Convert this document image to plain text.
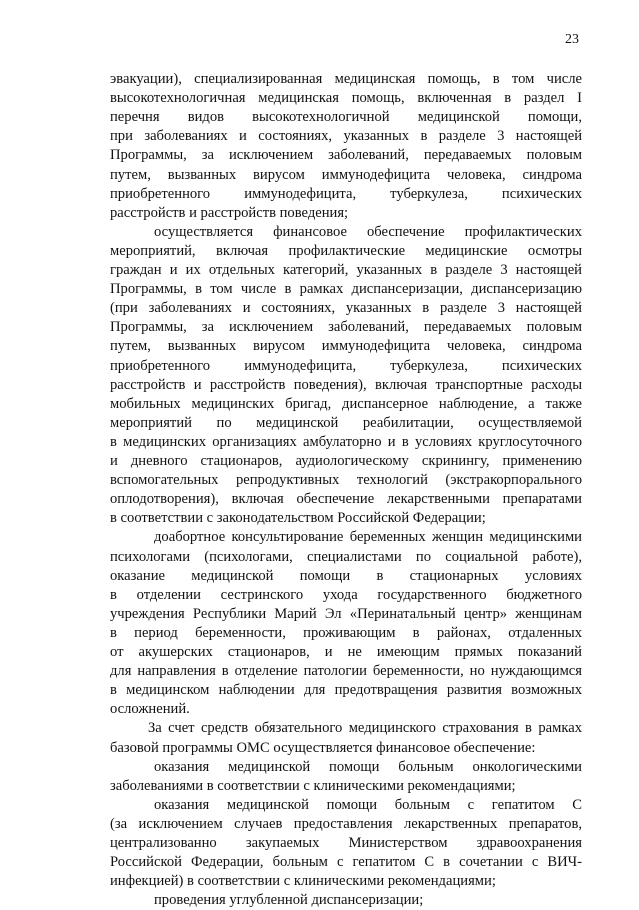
23
эвакуации), специализированная медицинская помощь, в том числе
высокотехнологичная медицинская помощь, включенная в раздел I
перечня видов высокотехнологичной медицинской помощи,
при заболеваниях и состояниях, указанных в разделе 3 настоящей
Программы, за исключением заболеваний, передаваемых половым
путем, вызванных вирусом иммунодефицита человека, синдрома
приобретенного иммунодефицита, туберкулеза, психических
расстройств и расстройств поведения;
осуществляется финансовое обеспечение профилактических
мероприятий, включая профилактические медицинские осмотры
граждан и их отдельных категорий, указанных в разделе 3 настоящей
Программы, в том числе в рамках диспансеризации, диспансеризацию
(при заболеваниях и состояниях, указанных в разделе 3 настоящей
Программы, за исключением заболеваний, передаваемых половым
путем, вызванных вирусом иммунодефицита человека, синдрома
приобретенного иммунодефицита, туберкулеза, психических
расстройств и расстройств поведения), включая транспортные расходы
мобильных медицинских бригад, диспансерное наблюдение, а также
мероприятий по медицинской реабилитации, осуществляемой
в медицинских организациях амбулаторно и в условиях круглосуточного
и дневного стационаров, аудиологическому скринингу, применению
вспомогательных репродуктивных технологий (экстракорпорального
оплодотворения), включая обеспечение лекарственными препаратами
в соответствии с законодательством Российской Федерации;
доабортное консультирование беременных женщин медицинскими
психологами (психологами, специалистами по социальной работе),
оказание медицинской помощи в стационарных условиях
в отделении сестринского ухода государственного бюджетного
учреждения Республики Марий Эл «Перинатальный центр» женщинам
в период беременности, проживающим в районах, отдаленных
от акушерских стационаров, и не имеющим прямых показаний
для направления в отделение патологии беременности, но нуждающимся
в медицинском наблюдении для предотвращения развития возможных
осложнений.
За счет средств обязательного медицинского страхования в рамках
базовой программы ОМС осуществляется финансовое обеспечение:
оказания медицинской помощи больным онкологическими
заболеваниями в соответствии с клиническими рекомендациями;
оказания медицинской помощи больным с гепатитом С
(за исключением случаев предоставления лекарственных препаратов,
централизованно закупаемых Министерством здравоохранения
Российской Федерации, больным с гепатитом С в сочетании с ВИЧ-
инфекцией) в соответствии с клиническими рекомендациями;
проведения углубленной диспансеризации;
